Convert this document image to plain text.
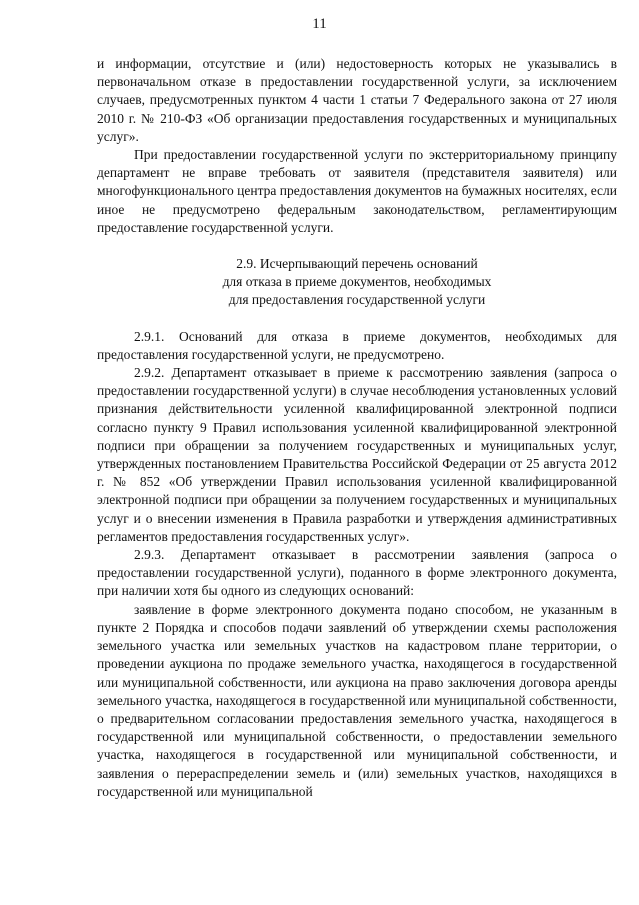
11

и информации, отсутствие и (или) недостоверность которых не указывались в первоначальном отказе в предоставлении государственной услуги, за исключением случаев, предусмотренных пунктом 4 части 1 статьи 7 Федерального закона от 27 июля 2010 г. № 210-ФЗ «Об организации предоставления государственных и муниципальных услуг».

При предоставлении государственной услуги по экстерриториальному принципу департамент не вправе требовать от заявителя (представителя заявителя) или многофункционального центра предоставления документов на бумажных носителях, если иное не предусмотрено федеральным законодательством, регламентирующим предоставление государственной услуги.

2.9. Исчерпывающий перечень оснований
для отказа в приеме документов, необходимых
для предоставления государственной услуги

2.9.1. Оснований для отказа в приеме документов, необходимых для предоставления государственной услуги, не предусмотрено.

2.9.2. Департамент отказывает в приеме к рассмотрению заявления (запроса о предоставлении государственной услуги) в случае несоблюдения установленных условий признания действительности усиленной квалифицированной электронной подписи согласно пункту 9 Правил использования усиленной квалифицированной электронной подписи при обращении за получением государственных и муниципальных услуг, утвержденных постановлением Правительства Российской Федерации от 25 августа 2012 г. № 852 «Об утверждении Правил использования усиленной квалифицированной электронной подписи при обращении за получением государственных и муниципальных услуг и о внесении изменения в Правила разработки и утверждения административных регламентов предоставления государственных услуг».

2.9.3. Департамент отказывает в рассмотрении заявления (запроса о предоставлении государственной услуги), поданного в форме электронного документа, при наличии хотя бы одного из следующих оснований:

заявление в форме электронного документа подано способом, не указанным в пункте 2 Порядка и способов подачи заявлений об утверждении схемы расположения земельного участка или земельных участков на кадастровом плане территории, о проведении аукциона по продаже земельного участка, находящегося в государственной или муниципальной собственности, или аукциона на право заключения договора аренды земельного участка, находящегося в государственной или муниципальной собственности, о предварительном согласовании предоставления земельного участка, находящегося в государственной или муниципальной собственности, о предоставлении земельного участка, находящегося в государственной или муниципальной собственности, и заявления о перераспределении земель и (или) земельных участков, находящихся в государственной или муниципальной
